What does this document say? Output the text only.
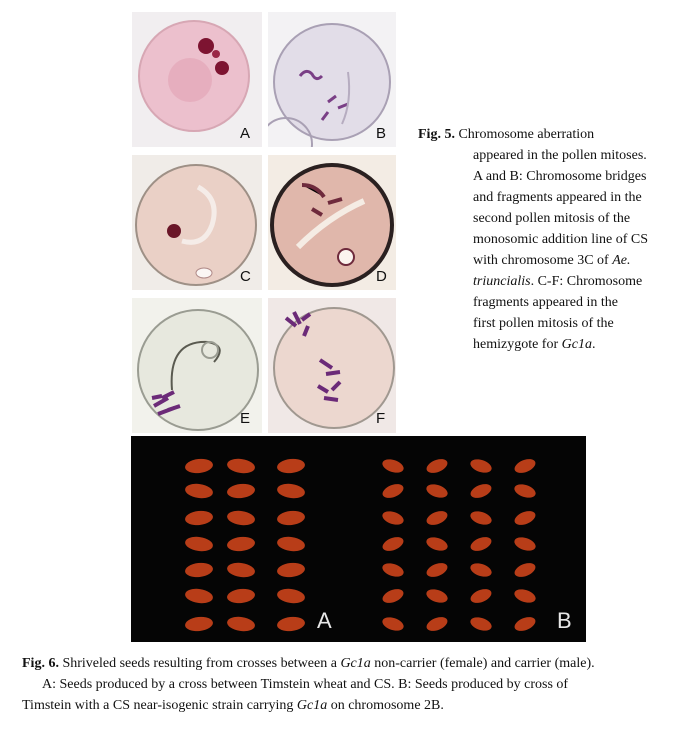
A	B
C	D
E	F
Fig. 5. Chromosome aberration
appeared in the pollen mitoses.
A and B: Chromosome bridges
and fragments appeared in the
second pollen mitosis of the
monosomic addition line of CS
with chromosome 3C of Ae.
triuncialis. C-F: Chromosome
fragments appeared in the
first pollen mitosis of the
hemizygote for Gc1a.
A	B
Fig. 6. Shriveled seeds resulting from crosses between a Gc1a non-carrier (female) and carrier (male).
A: Seeds produced by a cross between Timstein wheat and CS. B: Seeds produced by cross of
Timstein with a CS near-isogenic strain carrying Gc1a on chromosome 2B.
